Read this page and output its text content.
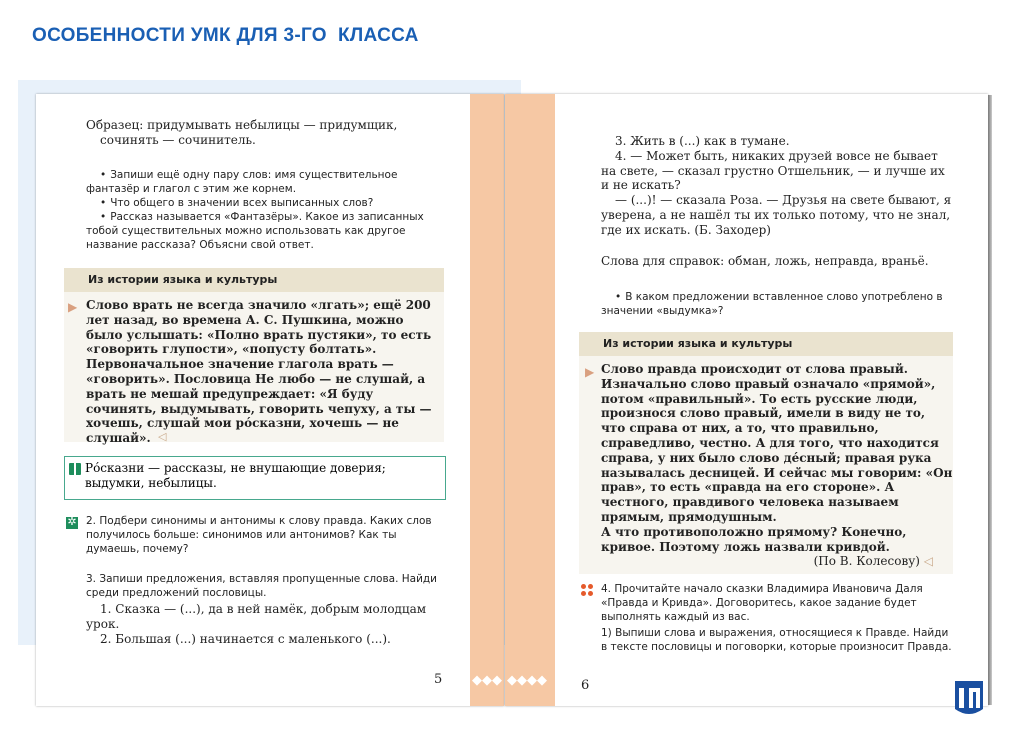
ОСОБЕННОСТИ УМК ДЛЯ 3-ГО  КЛАССА
◆◆◆

Образец: придумывать небылицы — придумщик,

сочинять — сочинитель.

• Запиши ещё одну пару слов: имя существительное фантазёр и глагол с этим же корнем.

• Что общего в значении всех выписанных слов?

• Рассказ называется «Фантазёры». Какое из записанных тобой существительных можно использовать как другое название рассказа? Объясни свой ответ.

Из истории языка и культуры
▶ Слово врать не всегда значило «лгать»; ещё 200 лет назад, во времена А. С. Пушкина, можно было услышать: «Полно врать пустяки», то есть «говорить глупости», «попусту болтать». Первоначальное значение глагола врать — «говорить». Пословица Не любо — не слушай, а врать не мешай предупреждает: «Я буду сочинять, выдумывать, говорить чепуху, а ты — хочешь, слушай мои рóсказни, хочешь — не слушай». ◁
Рóсказни — рассказы, не внушающие доверия; выдумки, небылицы.
✲
2. Подбери синонимы и антонимы к слову правда. Каких слов получилось больше: синонимов или антонимов? Как ты думаешь, почему?
3. Запиши предложения, вставляя пропущенные слова. Найди среди предложений пословицы.

1. Сказка — (...), да в ней намёк, добрым молодцам урок.

2. Большая (...) начинается с маленького (...).

5	◆◆◆◆

3. Жить в (...) как в тумане.

4. — Может быть, никаких друзей вовсе не бывает на свете, — сказал грустно Отшельник, — и лучше их и не искать?

— (...)! — сказала Роза. — Друзья на свете бывают, я уверена, а не нашёл ты их только потому, что не знал, где их искать. (Б. Заходер)

Слова для справок: обман, ложь, неправда, враньё.

• В каком предложении вставленное слово употреблено в значении «выдумка»?

Из истории языка и культуры
▶ Слово правда происходит от слова правый. Изначально слово правый означало «прямой», потом «правильный». То есть русские люди, произнося слово правый, имели в виду не то, что справа от них, а то, что правильно, справедливо, честно. А для того, что находится справа, у них было слово дéсный; правая рука называлась десницей. И сейчас мы говорим: «Он прав», то есть «правда на его стороне». А честного, правдивого человека называем прямым, прямодушным.

А что противоположно прямому? Конечно, кривое. Поэтому ложь назвали кривдой.

(По В. Колесову) ◁

4. Прочитайте начало сказки Владимира Ивановича Даля «Правда и Кривда». Договоритесь, какое задание будет выполнять каждый из вас.
1) Выпиши слова и выражения, относящиеся к Правде. Найди в тексте пословицы и поговорки, которые произносит Правда.
6
